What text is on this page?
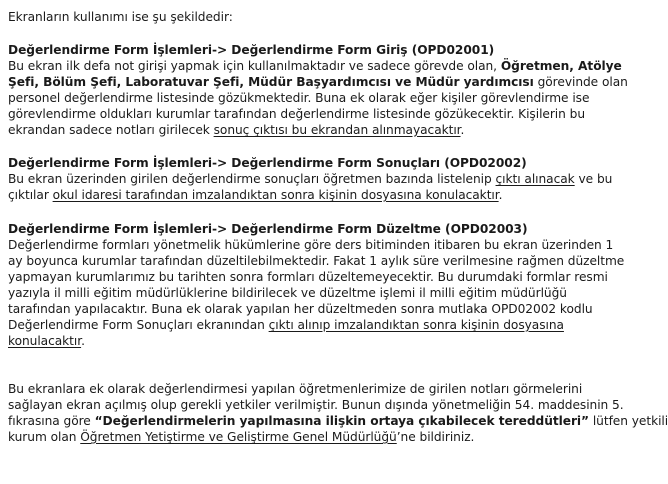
Ekranların kullanımı ise şu şekildedir:
Değerlendirme Form İşlemleri-> Değerlendirme Form Giriş (OPD02001)
Bu ekran ilk defa not girişi yapmak için kullanılmaktadır ve sadece görevde olan, Öğretmen, Atölye
Şefi, Bölüm Şefi, Laboratuvar Şefi, Müdür Başyardımcısı ve Müdür yardımcısı görevinde olan
personel değerlendirme listesinde gözükmektedir. Buna ek olarak eğer kişiler görevlendirme ise
görevlendirme oldukları kurumlar tarafından değerlendirme listesinde gözükecektir. Kişilerin bu
ekrandan sadece notları girilecek sonuç çıktısı bu ekrandan alınmayacaktır.
Değerlendirme Form İşlemleri-> Değerlendirme Form Sonuçları (OPD02002)
Bu ekran üzerinden girilen değerlendirme sonuçları öğretmen bazında listelenip çıktı alınacak ve bu
çıktılar okul idaresi tarafından imzalandıktan sonra kişinin dosyasına konulacaktır.
Değerlendirme Form İşlemleri-> Değerlendirme Form Düzeltme (OPD02003)
Değerlendirme formları yönetmelik hükümlerine göre ders bitiminden itibaren bu ekran üzerinden 1
ay boyunca kurumlar tarafından düzeltilebilmektedir. Fakat 1 aylık süre verilmesine rağmen düzeltme
yapmayan kurumlarımız bu tarihten sonra formları düzeltemeyecektir. Bu durumdaki formlar resmi
yazıyla il milli eğitim müdürlüklerine bildirilecek ve düzeltme işlemi il milli eğitim müdürlüğü
tarafından yapılacaktır. Buna ek olarak yapılan her düzeltmeden sonra mutlaka OPD02002 kodlu
Değerlendirme Form Sonuçları ekranından çıktı alınıp imzalandıktan sonra kişinin dosyasına
konulacaktır.
Bu ekranlara ek olarak değerlendirmesi yapılan öğretmenlerimize de girilen notları görmelerini
sağlayan ekran açılmış olup gerekli yetkiler verilmiştir. Bunun dışında yönetmeliğin 54. maddesinin 5.
fıkrasına göre “Değerlendirmelerin yapılmasına ilişkin ortaya çıkabilecek tereddütleri” lütfen yetkili
kurum olan Öğretmen Yetiştirme ve Geliştirme Genel Müdürlüğü’ne bildiriniz.
